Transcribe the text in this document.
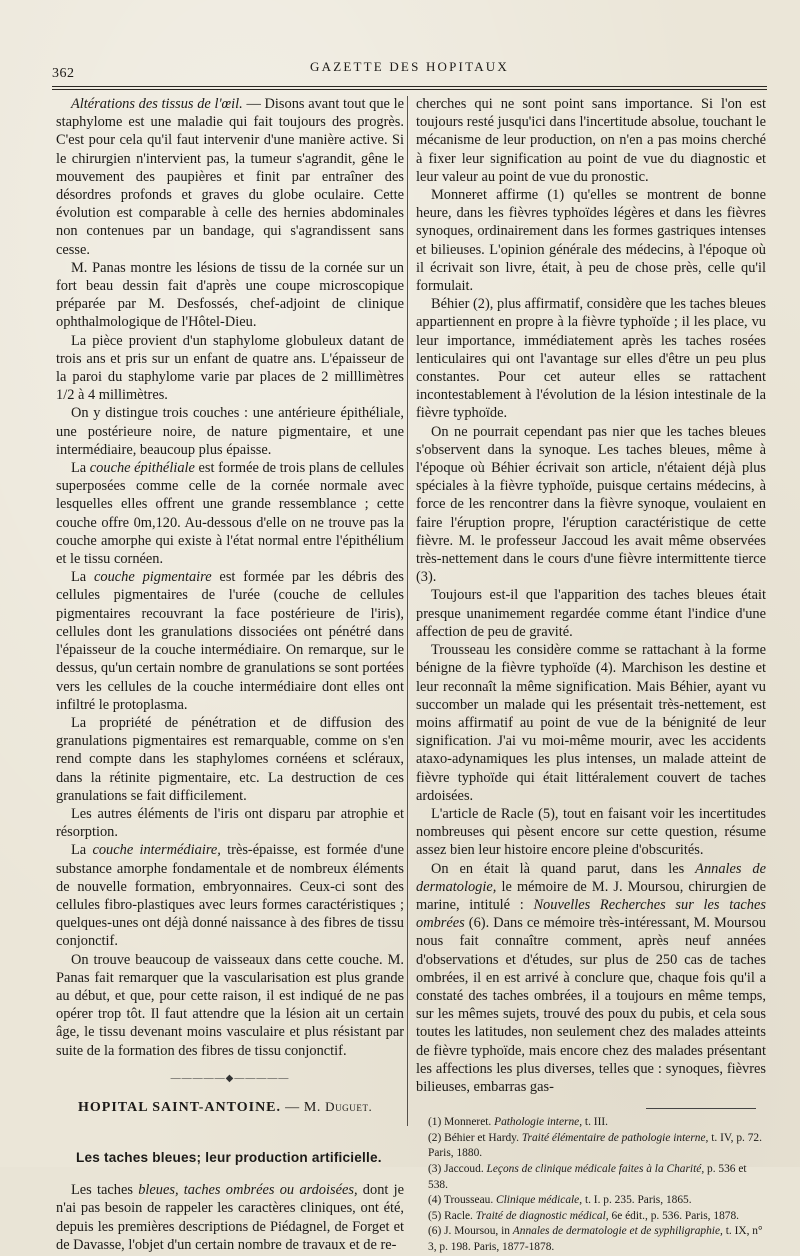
362	GAZETTE DES HOPITAUX

Altérations des tissus de l'œil. — Disons avant tout que le staphylome est une maladie qui fait toujours des progrès. C'est pour cela qu'il faut intervenir d'une manière active. Si le chirurgien n'intervient pas, la tumeur s'agrandit, gêne le mouvement des paupières et finit par entraîner des désordres profonds et graves du globe oculaire. Cette évolution est comparable à celle des hernies abdominales non contenues par un bandage, qui s'agrandissent sans cesse.

M. Panas montre les lésions de tissu de la cornée sur un fort beau dessin fait d'après une coupe microscopique préparée par M. Desfossés, chef-adjoint de clinique ophthalmologique de l'Hôtel-Dieu.

La pièce provient d'un staphylome globuleux datant de trois ans et pris sur un enfant de quatre ans. L'épaisseur de la paroi du staphylome varie par places de 2 milllimètres 1/2 à 4 millimètres.

On y distingue trois couches : une antérieure épithéliale, une postérieure noire, de nature pigmentaire, et une intermédiaire, beaucoup plus épaisse.

La couche épithéliale est formée de trois plans de cellules superposées comme celle de la cornée normale avec lesquelles elles offrent une grande ressemblance ; cette couche offre 0m,120. Au-dessous d'elle on ne trouve pas la couche amorphe qui existe à l'état normal entre l'épithélium et le tissu cornéen.

La couche pigmentaire est formée par les débris des cellules pigmentaires de l'urée (couche de cellules pigmentaires recouvrant la face postérieure de l'iris), cellules dont les granulations dissociées ont pénétré dans l'épaisseur de la couche intermédiaire. On remarque, sur le dessus, qu'un certain nombre de granulations se sont portées vers les cellules de la couche intermédiaire dont elles ont infiltré le protoplasma.

La propriété de pénétration et de diffusion des granulations pigmentaires est remarquable, comme on s'en rend compte dans les staphylomes cornéens et scléraux, dans la rétinite pigmentaire, etc. La destruction de ces granulations se fait difficilement.

Les autres éléments de l'iris ont disparu par atrophie et résorption.

La couche intermédiaire, très-épaisse, est formée d'une substance amorphe fondamentale et de nombreux éléments de nouvelle formation, embryonnaires. Ceux-ci sont des cellules fibro-plastiques avec leurs formes caractéristiques ; quelques-unes ont déjà donné naissance à des fibres de tissu conjonctif.

On trouve beaucoup de vaisseaux dans cette couche. M. Panas fait remarquer que la vascularisation est plus grande au début, et que, pour cette raison, il est indiqué de ne pas opérer trop tôt. Il faut attendre que la lésion ait un certain âge, le tissu devenant moins vasculaire et plus résistant par suite de la formation des fibres de tissu conjonctif.

—————◆—————
HOPITAL SAINT-ANTOINE. — M. Duguet.
Les taches bleues; leur production artificielle.

Les taches bleues, taches ombrées ou ardoisées, dont je n'ai pas besoin de rappeler les caractères cliniques, ont été, depuis les premières descriptions de Piédagnel, de Forget et de Davasse, l'objet d'un certain nombre de travaux et de re-

cherches qui ne sont point sans importance. Si l'on est toujours resté jusqu'ici dans l'incertitude absolue, touchant le mécanisme de leur production, on n'en a pas moins cherché à fixer leur signification au point de vue du diagnostic et leur valeur au point de vue du pronostic.

Monneret affirme (1) qu'elles se montrent de bonne heure, dans les fièvres typhoïdes légères et dans les fièvres synoques, ordinairement dans les formes gastriques intenses et bilieuses. L'opinion générale des médecins, à l'époque où il écrivait son livre, était, à peu de chose près, celle qu'il formulait.

Béhier (2), plus affirmatif, considère que les taches bleues appartiennent en propre à la fièvre typhoïde ; il les place, vu leur importance, immédiatement après les taches rosées lenticulaires qui ont l'avantage sur elles d'être un peu plus constantes. Pour cet auteur elles se rattachent incontestablement à l'évolution de la lésion intestinale de la fièvre typhoïde.

On ne pourrait cependant pas nier que les taches bleues s'observent dans la synoque. Les taches bleues, même à l'époque où Béhier écrivait son article, n'étaient déjà plus spéciales à la fièvre typhoïde, puisque certains médecins, à force de les rencontrer dans la fièvre synoque, voulaient en faire l'éruption propre, l'éruption caractéristique de cette fièvre. M. le professeur Jaccoud les avait même observées très-nettement dans le cours d'une fièvre intermittente tierce (3).

Toujours est-il que l'apparition des taches bleues était presque unanimement regardée comme étant l'indice d'une affection de peu de gravité.

Trousseau les considère comme se rattachant à la forme bénigne de la fièvre typhoïde (4). Marchison les destine et leur reconnaît la même signification. Mais Béhier, ayant vu succomber un malade qui les présentait très-nettement, est moins affirmatif au point de vue de la bénignité de leur signification. J'ai vu moi-même mourir, avec les accidents ataxo-adynamiques les plus intenses, un malade atteint de fièvre typhoïde qui était littéralement couvert de taches ardoisées.

L'article de Racle (5), tout en faisant voir les incertitudes nombreuses qui pèsent encore sur cette question, résume assez bien leur histoire encore pleine d'obscurités.

On en était là quand parut, dans les Annales de dermatologie, le mémoire de M. J. Moursou, chirurgien de marine, intitulé : Nouvelles Recherches sur les taches ombrées (6). Dans ce mémoire très-intéressant, M. Moursou nous fait connaître comment, après neuf années d'observations et d'études, sur plus de 250 cas de taches ombrées, il en est arrivé à conclure que, chaque fois qu'il a constaté des taches ombrées, il a toujours en même temps, sur les mêmes sujets, trouvé des poux du pubis, et cela sous toutes les latitudes, non seulement chez des malades atteints de fièvre typhoïde, mais encore chez des malades présentant les affections les plus diverses, telles que : synoques, fièvres bilieuses, embarras gas-

(1) Monneret. Pathologie interne, t. III.
(2) Béhier et Hardy. Traité élémentaire de pathologie interne, t. IV, p. 72. Paris, 1880.
(3) Jaccoud. Leçons de clinique médicale faites à la Charité, p. 536 et 538.
(4) Trousseau. Clinique médicale, t. I. p. 235. Paris, 1865.
(5) Racle. Traité de diagnostic médical, 6e édit., p. 536. Paris, 1878.
(6) J. Moursou, in Annales de dermatologie et de syphiligraphie, t. IX, n° 3, p. 198. Paris, 1877-1878.
